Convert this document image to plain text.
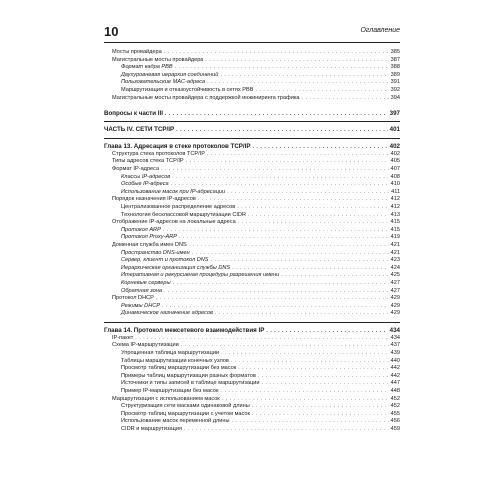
10	Оглавление
Мосты провайдера . . .	385
Магистральные мосты провайдера . . .	387
Формат кадра PBB . . .	388
Двухуровневая иерархия соединений . . .	389
Пользовательские MAC-адреса . . .	391
Маршрутизация и отказоустойчивость в сетях PBB . . .	392
Магистральные мосты провайдера с поддержкой инжиниринга трафика . . .	394
Вопросы к части III . . .	397
ЧАСТЬ IV. СЕТИ TCP/IP . . .	401
Глава 13. Адресация в стеке протоколов TCP/IP . . .	402
Структура стека протоколов TCP/IP . . .	402
Типы адресов стека TCP/IP . . .	405
Формат IP-адреса . . .	407
Классы IP-адресов . . .	408
Особые IP-адреса . . .	410
Использование масок при IP-адресации . . .	411
Порядок назначения IP-адресов . . .	412
Централизованное распределение адресов . . .	412
Технология бесклассовой маршрутизации CIDR . . .	413
Отображение IP-адресов на локальные адреса . . .	415
Протокол ARP . . .	415
Протокол Proxy-ARP . . .	419
Доменная служба имен DNS . . .	421
Пространство DNS-имен . . .	421
Сервер, клиент и протокол DNS . . .	423
Иерархическая организация службы DNS . . .	424
Итеративная и рекурсивная процедуры разрешения имени . . .	425
Корневые серверы . . .	427
Обратная зона . . .	427
Протокол DHCP . . .	429
Режимы DHCP . . .	429
Динамическое назначение адресов . . .	429
Глава 14. Протокол межсетевого взаимодействия IP . . .	434
IP-пакет . . .	434
Схема IP-маршрутизации . . .	437
Упрощенная таблица маршрутизации . . .	439
Таблицы маршрутизации конечных узлов . . .	440
Просмотр таблиц маршрутизации без масок . . .	442
Примеры таблиц маршрутизации разных форматов . . .	442
Источники и типы записей в таблице маршрутизации . . .	447
Пример IP-маршрутизации без масок . . .	448
Маршрутизация с использованием масок . . .	452
Структуризация сети масками одинаковой длины . . .	452
Просмотр таблиц маршрутизации с учетом масок . . .	455
Использование масок переменной длины . . .	456
CIDR и маршрутизация . . .	459
